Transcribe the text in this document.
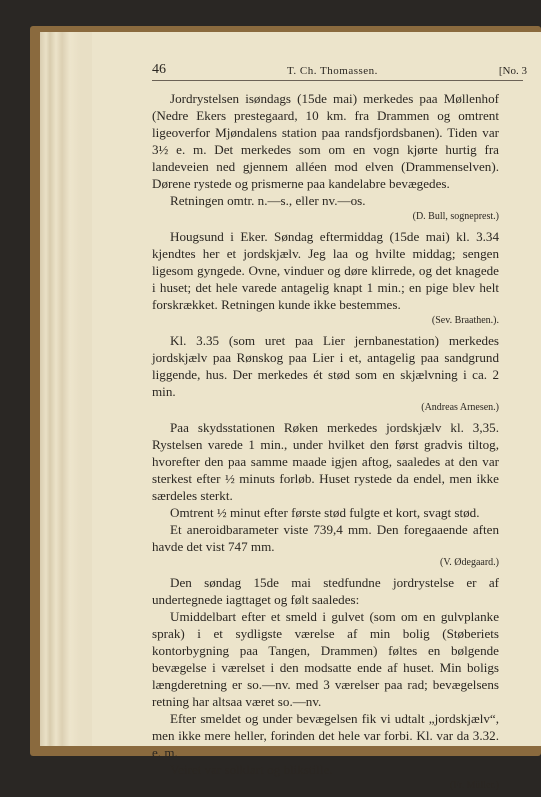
46	T. Ch. Thomassen.	[No. 3

Jordrystelsen isøndags (15de mai) merkedes paa Møllenhof (Nedre Ekers prestegaard, 10 km. fra Drammen og omtrent ligeoverfor Mjøndalens station paa randsfjordsbanen). Tiden var 3½ e. m. Det merkedes som om en vogn kjørte hurtig fra landeveien ned gjennem alléen mod elven (Drammenselven). Dørene rystede og prismerne paa kandelabre bevægedes.

Retningen omtr. n.—s., eller nv.—os.

(D. Bull, sogneprest.)

Hougsund i Eker. Søndag eftermiddag (15de mai) kl. 3.34 kjendtes her et jordskjælv. Jeg laa og hvilte middag; sengen ligesom gyngede. Ovne, vinduer og døre klirrede, og det knagede i huset; det hele varede antagelig knapt 1 min.; en pige blev helt forskrækket. Retningen kunde ikke bestemmes.

(Sev. Braathen.).

Kl. 3.35 (som uret paa Lier jernbanestation) merkedes jordskjælv paa Rønskog paa Lier i et, antagelig paa sandgrund liggende, hus. Der merkedes ét stød som en skjælvning i ca. 2 min.

(Andreas Arnesen.)

Paa skydsstationen Røken merkedes jordskjælv kl. 3,35. Rystelsen varede 1 min., under hvilket den først gradvis tiltog, hvorefter den paa samme maade igjen aftog, saaledes at den var sterkest efter ½ minuts forløb. Huset rystede da endel, men ikke særdeles sterkt.

Omtrent ½ minut efter første stød fulgte et kort, svagt stød.

Et aneroidbarameter viste 739,4 mm. Den foregaaende aften havde det vist 747 mm.

(V. Ødegaard.)

Den søndag 15de mai stedfundne jordrystelse er af undertegnede iagttaget og følt saaledes:

Umiddelbart efter et smeld i gulvet (som om en gulvplanke sprak) i et sydligste værelse af min bolig (Støberiets kontorbygning paa Tangen, Drammen) føltes en bølgende bevægelse i værelset i den modsatte ende af huset. Min boligs længderetning er so.—nv. med 3 værelser paa rad; bevægelsens retning har altsaa været so.—nv.

Efter smeldet og under bevægelsen fik vi udtalt „jordskjælv“, men ikke mere heller, forinden det hele var forbi. Kl. var da 3.32. e. m.

Veiret var solklart og blikstille.

(Fr. Müller.)
